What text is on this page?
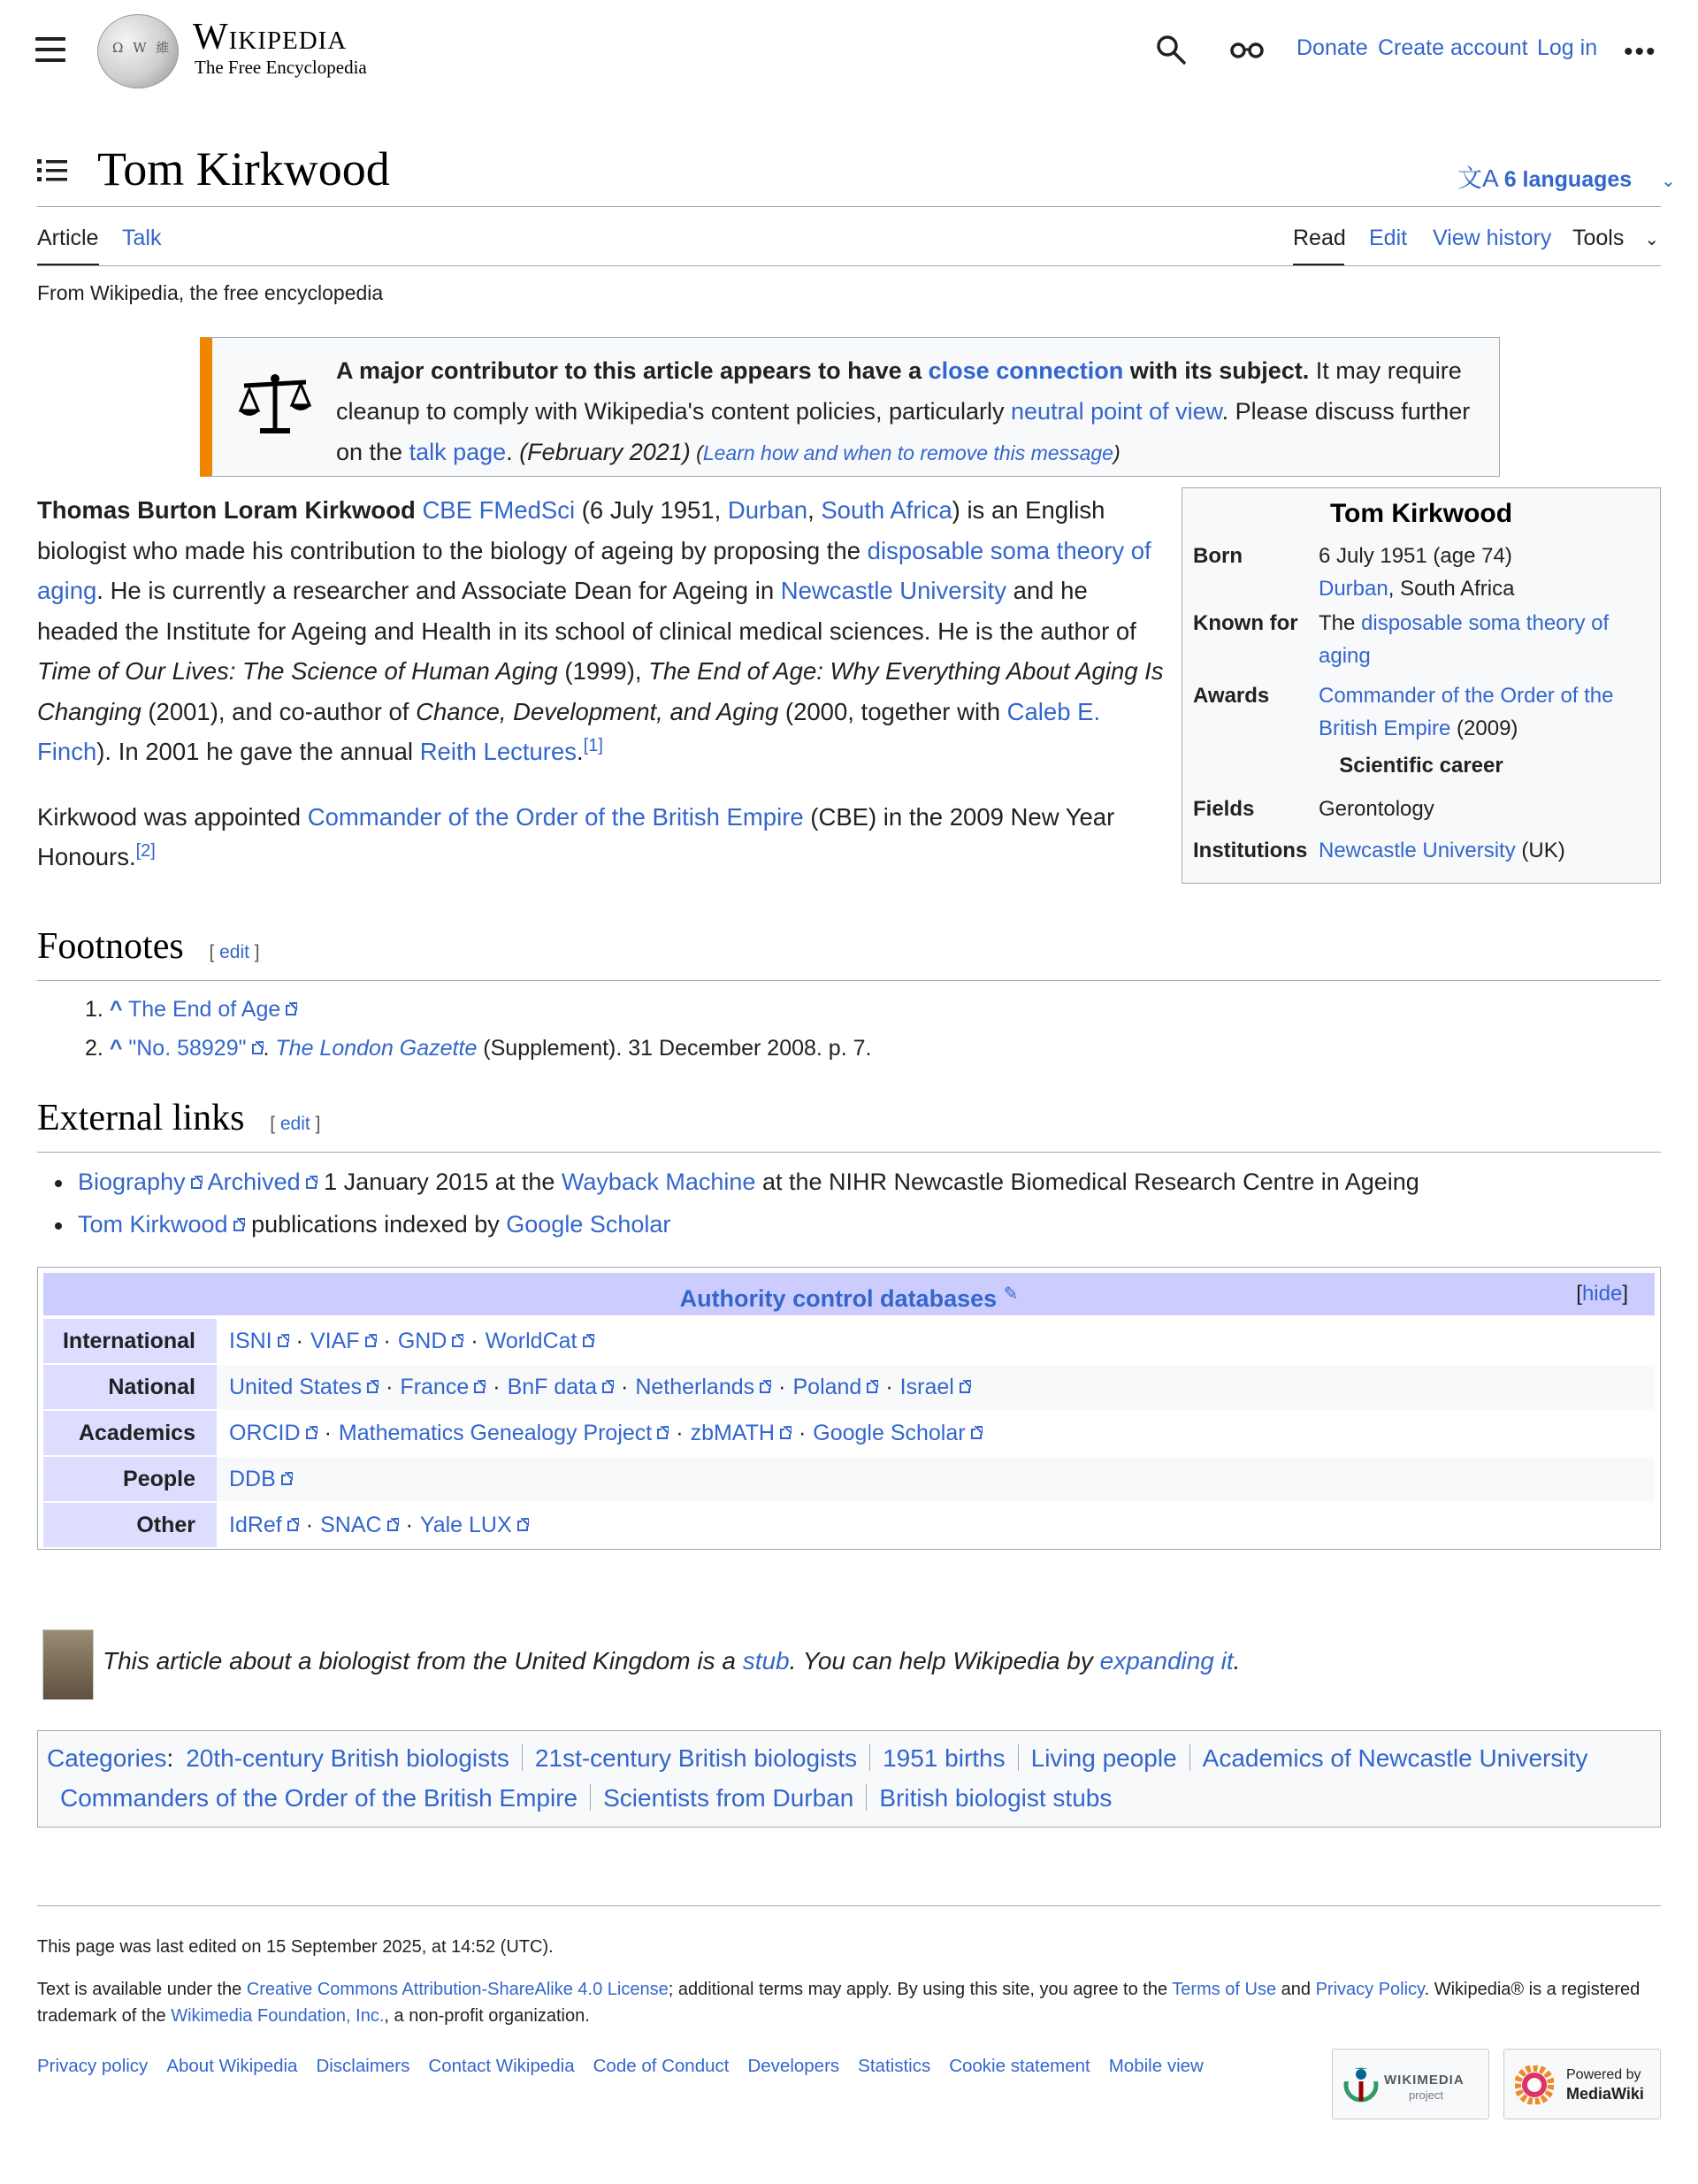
Ω W 維
Wikipedia
The Free Encyclopedia
Donate Create account Log in •••
Tom Kirkwood	文A 6 languages ⌄
Article Talk	Read Edit View history Tools ⌄
From Wikipedia, the free encyclopedia
A major contributor to this article appears to have a close connection with its subject. It may require cleanup to comply with Wikipedia's content policies, particularly neutral point of view. Please discuss further on the talk page. (February 2021) (Learn how and when to remove this message)

Thomas Burton Loram Kirkwood CBE FMedSci (6 July 1951, Durban, South Africa) is an English biologist who made his contribution to the biology of ageing by proposing the disposable soma theory of aging. He is currently a researcher and Associate Dean for Ageing in Newcastle University and he headed the Institute for Ageing and Health in its school of clinical medical sciences. He is the author of Time of Our Lives: The Science of Human Aging (1999), The End of Age: Why Everything About Aging Is Changing (2001), and co-author of Chance, Development, and Aging (2000, together with Caleb E. Finch). In 2001 he gave the annual Reith Lectures.[1]

Kirkwood was appointed Commander of the Order of the British Empire (CBE) in the 2009 New Year Honours.[2]

Tom Kirkwood
Born	6 July 1951 (age 74)
Durban, South Africa
Known for The disposable soma theory of aging
Awards	Commander of the Order of the British Empire (2009)
Scientific career
Fields	Gerontology
Institutions Newcastle University (UK)
Footnotes [ edit ]
1. ^ The End of Age
2. ^ "No. 58929" . The London Gazette (Supplement). 31 December 2008. p. 7.
External links [ edit ]
Biography Archived 1 January 2015 at the Wayback Machine at the NIHR Newcastle Biomedical Research Centre in Ageing
Tom Kirkwood publications indexed by Google Scholar
Authority control databases ✎	[hide]
International	ISNI · VIAF · GND · WorldCat
National	United States · France · BnF data · Netherlands · Poland · Israel
Academics	ORCID · Mathematics Genealogy Project · zbMATH · Google Scholar
People	DDB
Other	IdRef · SNAC · Yale LUX
This article about a biologist from the United Kingdom is a stub. You can help Wikipedia by expanding it.
Categories: 20th-century British biologists 21st-century British biologists 1951 births Living people Academics of Newcastle University
Commanders of the Order of the British Empire Scientists from Durban British biologist stubs
This page was last edited on 15 September 2025, at 14:52 (UTC).
Text is available under the Creative Commons Attribution-ShareAlike 4.0 License; additional terms may apply. By using this site, you agree to the Terms of Use and Privacy Policy. Wikipedia® is a registered trademark of the Wikimedia Foundation, Inc., a non-profit organization.
Privacy policy About Wikipedia Disclaimers Contact Wikipedia Code of Conduct Developers Statistics Cookie statement Mobile view
WIKIMEDIA
project
Powered by
MediaWiki
